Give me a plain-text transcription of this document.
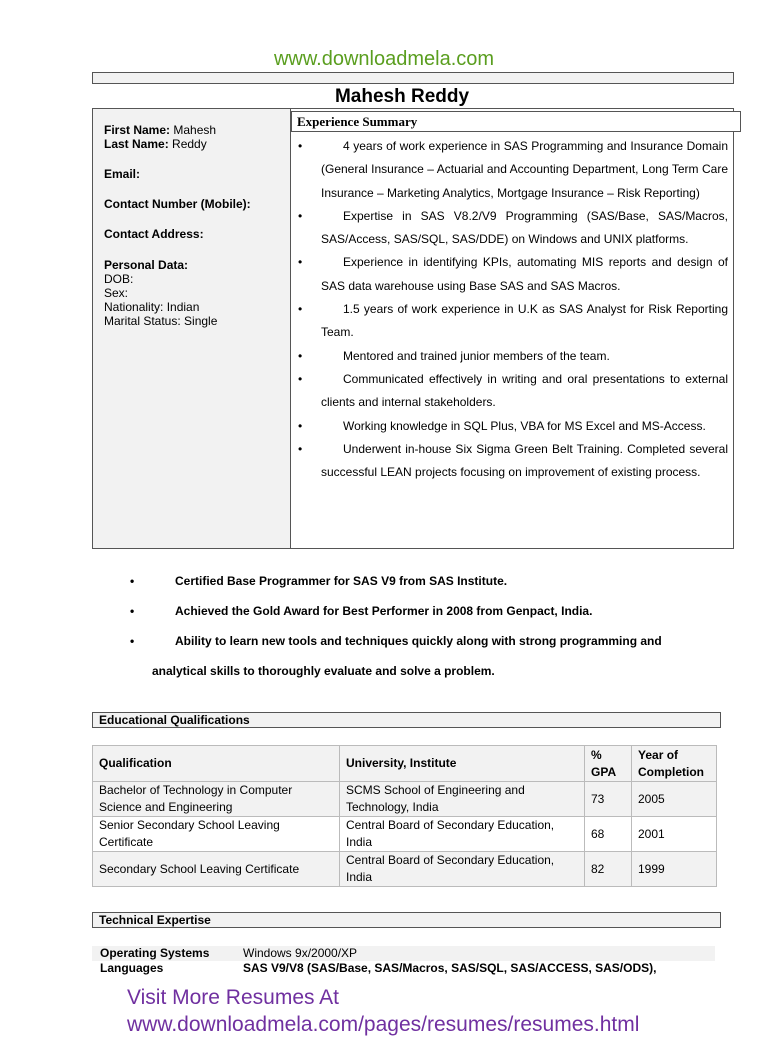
www.downloadmela.com
Mahesh Reddy
First Name: Mahesh
Last Name: Reddy
Email:
Contact Number (Mobile):
Contact Address:
Personal Data:
DOB:
Sex:
Nationality: Indian
Marital Status: Single
Experience Summary
• 4 years of work experience in SAS Programming and Insurance Domain (General Insurance – Actuarial and Accounting Department, Long Term Care Insurance – Marketing Analytics, Mortgage Insurance – Risk Reporting)
• Expertise in SAS V8.2/V9 Programming (SAS/Base, SAS/Macros, SAS/Access, SAS/SQL, SAS/DDE) on Windows and UNIX platforms.
• Experience in identifying KPIs, automating MIS reports and design of SAS data warehouse using Base SAS and SAS Macros.
• 1.5 years of work experience in U.K as SAS Analyst for Risk Reporting Team.
• Mentored and trained junior members of the team.
• Communicated effectively in writing and oral presentations to external clients and internal stakeholders.
• Working knowledge in SQL Plus, VBA for MS Excel and MS-Access.
• Underwent in-house Six Sigma Green Belt Training. Completed several successful LEAN projects focusing on improvement of existing process.
• Certified Base Programmer for SAS V9 from SAS Institute.
• Achieved the Gold Award for Best Performer in 2008 from Genpact, India.
• Ability to learn new tools and techniques quickly along with strong programming and
analytical skills to thoroughly evaluate and solve a problem.
Educational Qualifications
Qualification	University, Institute	% GPA	Year of Completion
Bachelor of Technology in Computer Science and Engineering	SCMS School of Engineering and Technology, India	73	2005
Senior Secondary School Leaving Certificate	Central Board of Secondary Education, India	68	2001
Secondary School Leaving Certificate	Central Board of Secondary Education, India	82	1999
Technical Expertise
Operating Systems	Windows 9x/2000/XP
Languages	SAS V9/V8 (SAS/Base, SAS/Macros, SAS/SQL, SAS/ACCESS, SAS/ODS),
Visit More Resumes At
www.downloadmela.com/pages/resumes/resumes.html
